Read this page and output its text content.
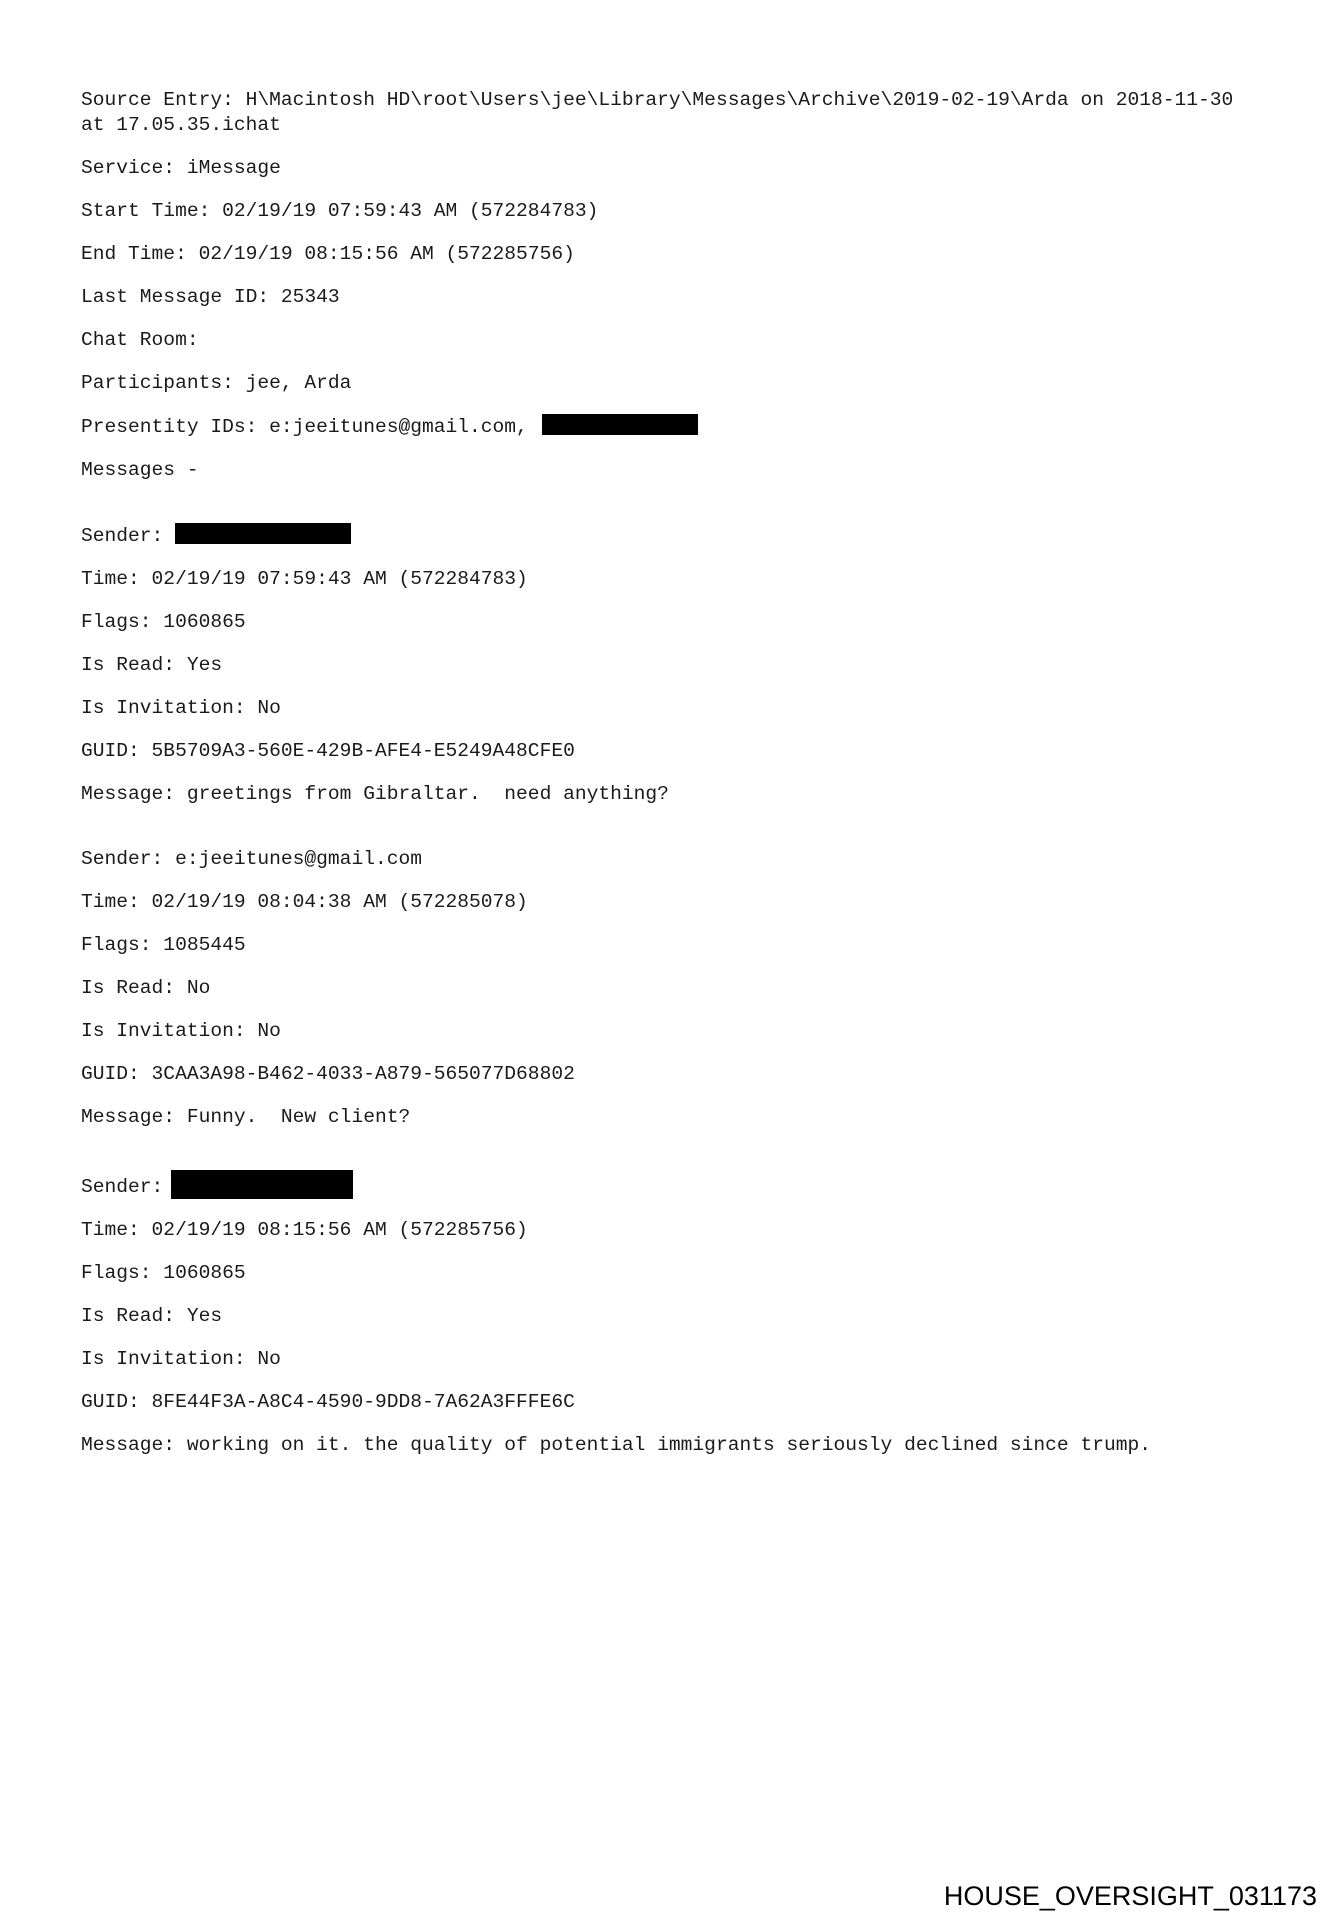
Source Entry: H\Macintosh HD\root\Users\jee\Library\Messages\Archive\2019-02-19\Arda on 2018-11-30 at 17.05.35.ichat
Service: iMessage
Start Time: 02/19/19 07:59:43 AM (572284783)
End Time: 02/19/19 08:15:56 AM (572285756)
Last Message ID: 25343
Chat Room:
Participants: jee, Arda
Presentity IDs: e:jeeitunes@gmail.com,
Messages -
Sender:
Time: 02/19/19 07:59:43 AM (572284783)
Flags: 1060865
Is Read: Yes
Is Invitation: No
GUID: 5B5709A3-560E-429B-AFE4-E5249A48CFE0
Message: greetings from Gibraltar.  need anything?
Sender: e:jeeitunes@gmail.com
Time: 02/19/19 08:04:38 AM (572285078)
Flags: 1085445
Is Read: No
Is Invitation: No
GUID: 3CAA3A98-B462-4033-A879-565077D68802
Message: Funny.  New client?
Sender:
Time: 02/19/19 08:15:56 AM (572285756)
Flags: 1060865
Is Read: Yes
Is Invitation: No
GUID: 8FE44F3A-A8C4-4590-9DD8-7A62A3FFFE6C
Message: working on it. the quality of potential immigrants seriously declined since trump.
HOUSE_OVERSIGHT_031173
